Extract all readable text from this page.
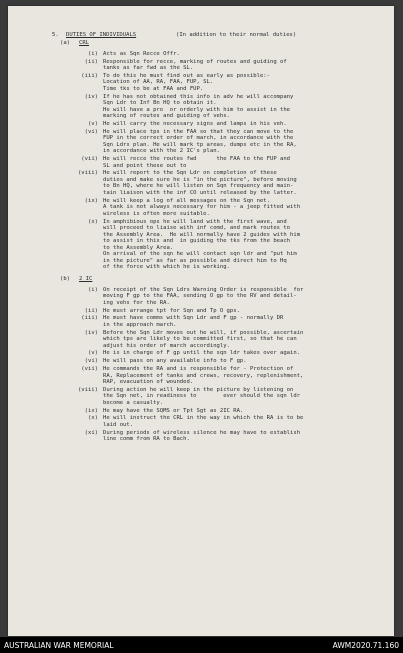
5. DUTIES OF INDIVIDUALS	(In addition to their normal duties)
(a) CRL
(i) Acts as Sqn Recce Offr.
(ii) Responsible for recce, marking of routes and guiding of
tanks as far fwd as the SL.
(iii) To do this he must find out as early as possible:-
Location of AA, RA, FAA, FUP, SL.
Time tks to be at FAA and FUP.
(iv) If he has not obtained this info in adv he will accompany
Sqn Ldr to Inf Bn HQ to obtain it.
He will have a pro  or orderly with him to assist in the
marking of routes and guiding of vehs.
(v) He will carry the necessary signs and lamps in his veh.
(vi) He will place tps in the FAA so that they can move to the
FUP in the correct order of march, in accordance with the
Sqn Ldrs plan. He will mark tp areas, dumps etc in the RA,
in accordance with the 2 IC's plan.
(vii) He will recce the routes fwd      the FAA to the FUP and
SL and point these out to
(viii) He will report to the Sqn Ldr on completion of these
duties and make sure he is "in the picture", before moving
to Bn HQ, where he will listen on Sqn frequency and main-
tain liaison with the inf CO until released by the latter.
(ix) He will keep a log of all messages on the Sqn net.
A tank is not always necessary for him - a jeep fitted with
wireless is often more suitable.
(x) In amphibious ops he will land with the first wave, and
will proceed to liaise with inf comd, and mark routes to
the Assembly Area.  He will normally have 2 guides with him
to assist in this and  in guiding the tks from the beach
to the Assembly Area.
On arrival of the sqn he will contact sqn ldr and "put him
in the picture" as far as possible and direct him to Hq
of the force with which he is working.
(b) 2 IC
(i) On receipt of the Sqn Ldrs Warning Order is responsible  for
moving F gp to the FAA, sending O gp to the RV and detail-
ing vehs for the RA.
(ii) He must arrange tpt for Sqn and Tp O gps.
(iii) He must have comms with Sqn Ldr and F gp - normally DR
in the approach march.
(iv) Before the Sqn Ldr moves out he will, if possible, ascertain
which tps are likely to be committed first, so that he can
adjust his order of march accordingly.
(v) He is in charge of F gp until the sqn ldr takes over again.
(vi) He will pass on any available info to F gp.
(vii) He commands the RA and is responsible for - Protection of
RA, Replacement of tanks and crews, recovery, replenishment,
RAP, evacuation of wounded.
(viii) During action he will keep in the picture by listening on
the Sqn net, in readiness to        ever should the sqn ldr
become a casualty.
(ix) He may have the SQMS or Tpt Sgt as 2IC RA.
(x) He will instruct the CRL in the way in which the RA is to be
laid out.
(xi) During periods of wireless silence he may have to establish
line comm from RA to Bach.
AUSTRALIAN WAR MEMORIAL	AWM2020.71.160
